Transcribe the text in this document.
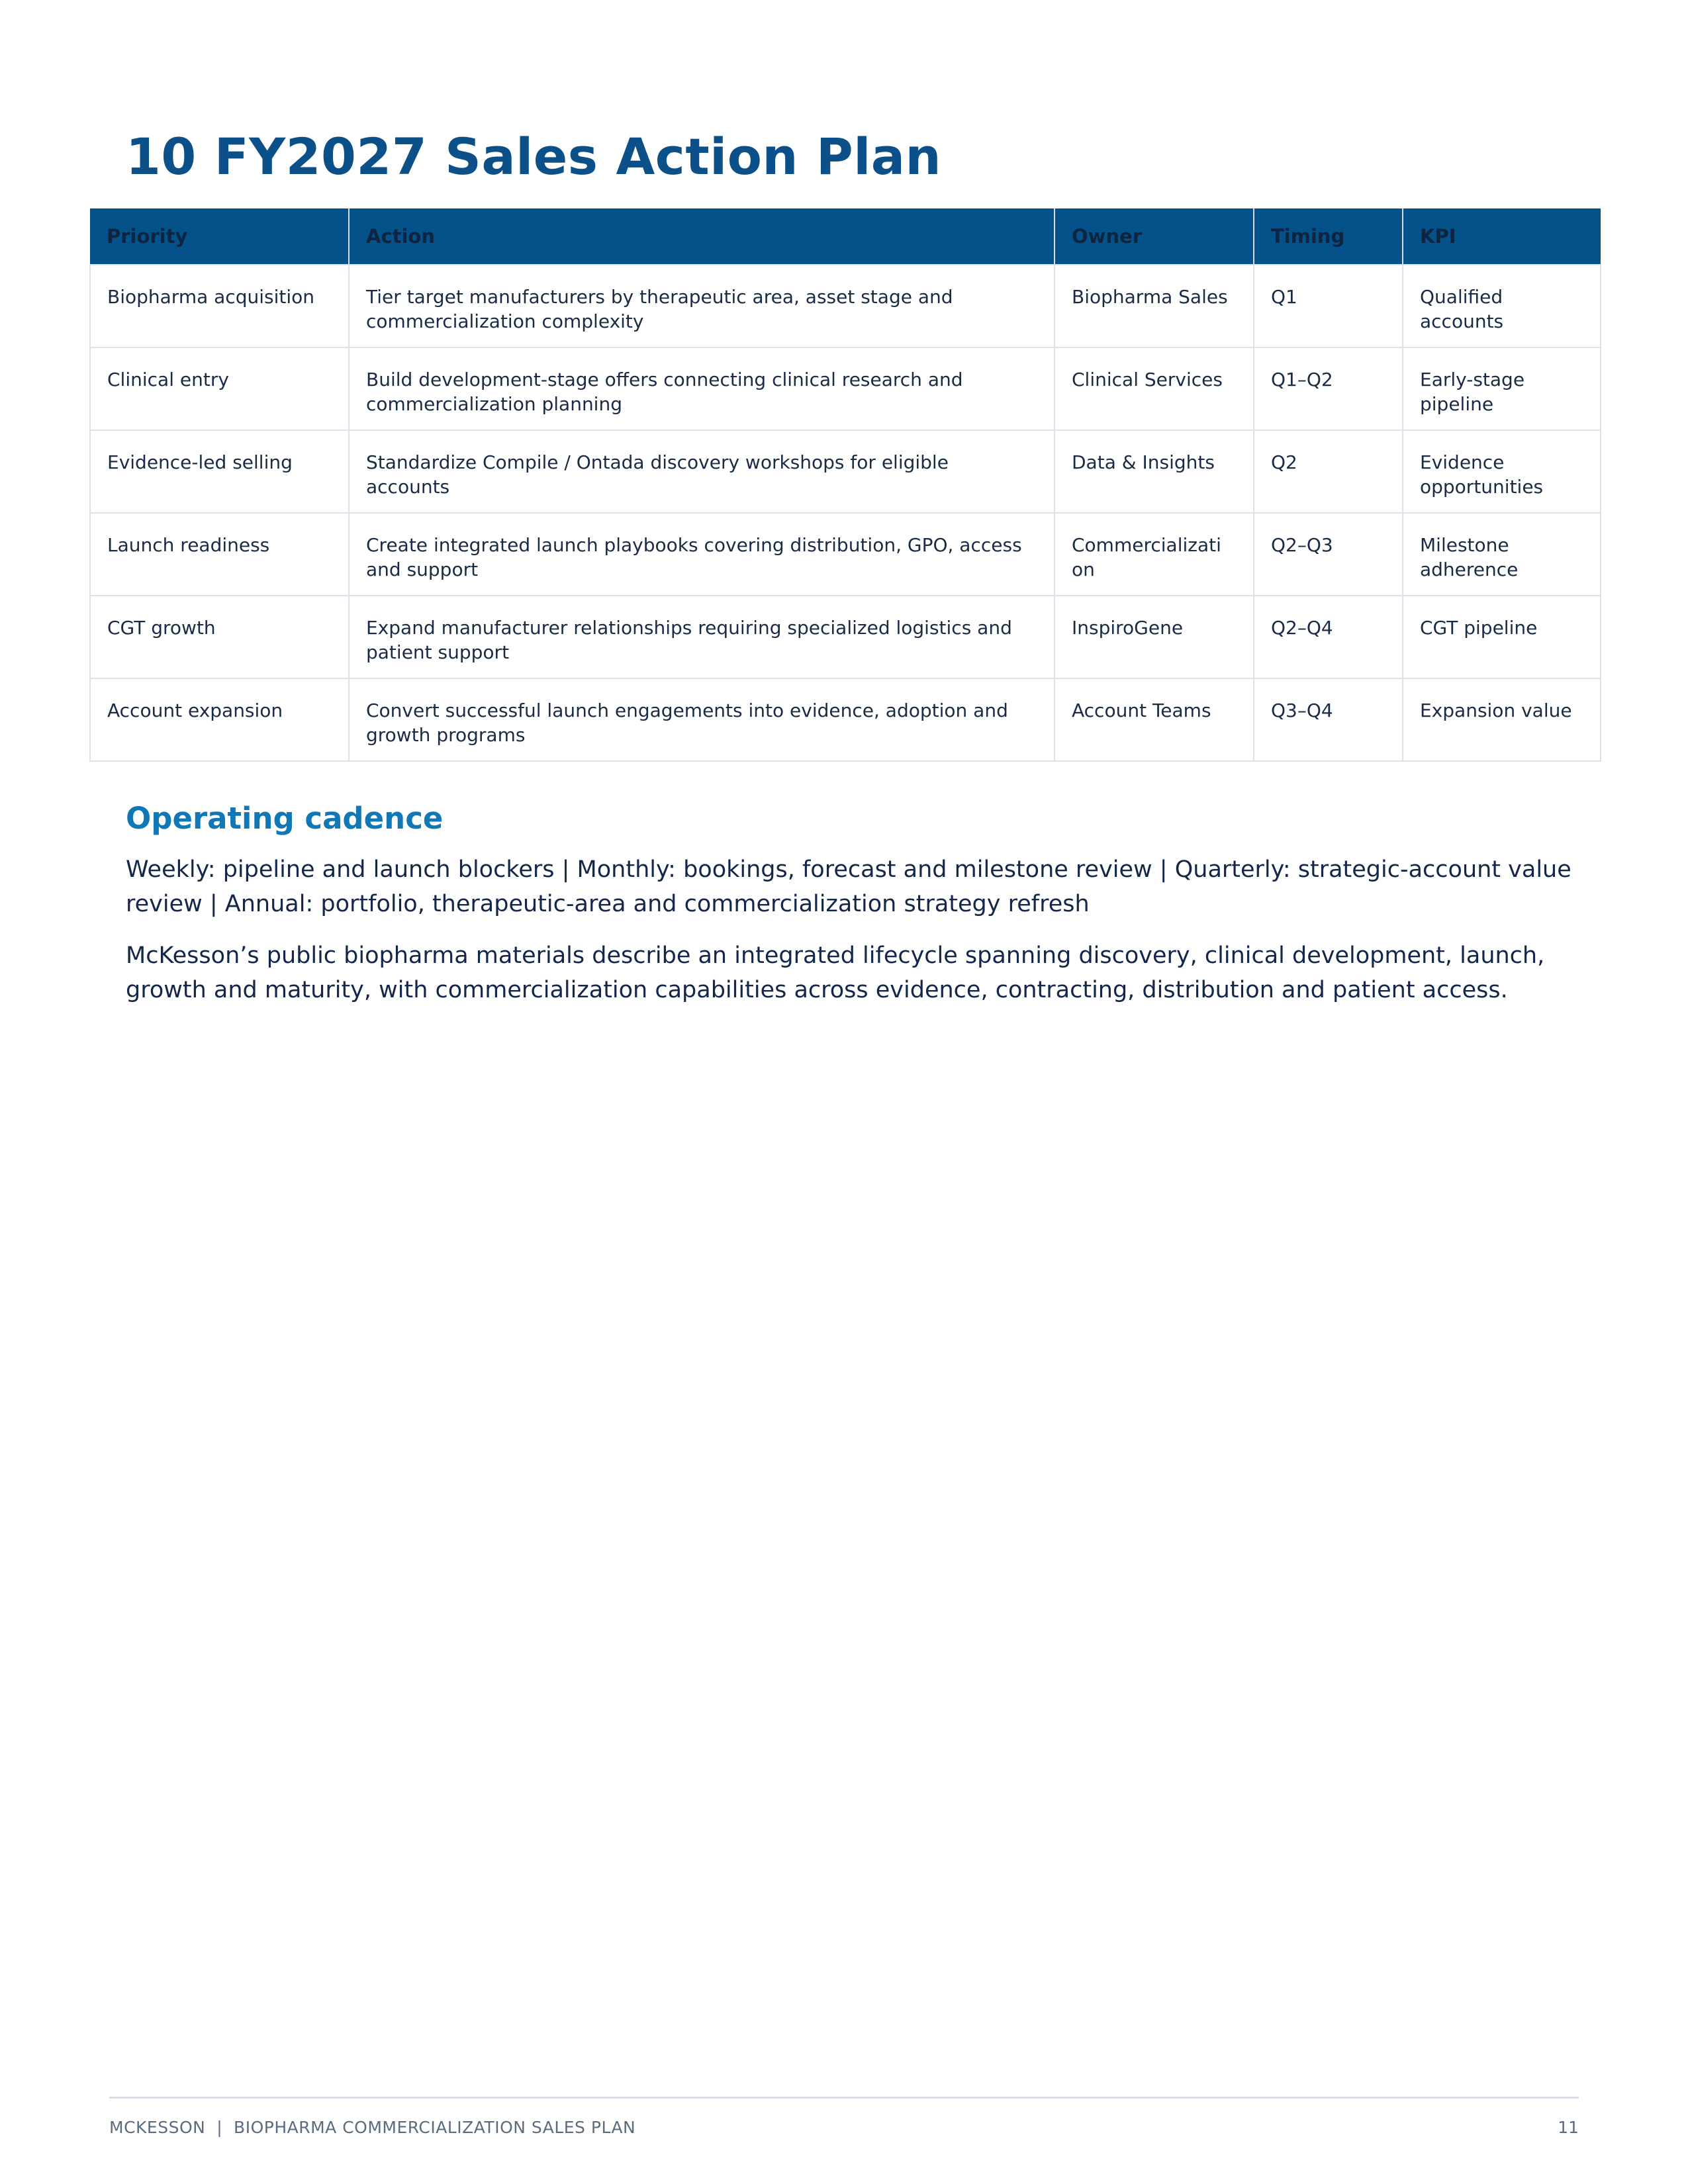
10 FY2027 Sales Action Plan
Priority	Action	Owner	Timing	KPI
Biopharma acquisition	Tier target manufacturers by therapeutic area, asset stage and commercialization complexity	Biopharma Sales	Q1	Qualified accounts
Clinical entry	Build development-stage offers connecting clinical research and commercialization planning	Clinical Services	Q1–Q2	Early-stage pipeline
Evidence-led selling	Standardize Compile / Ontada discovery workshops for eligible accounts	Data & Insights	Q2	Evidence opportunities
Launch readiness	Create integrated launch playbooks covering distribution, GPO, access and support	Commercializati on	Q2–Q3	Milestone adherence
CGT growth	Expand manufacturer relationships requiring specialized logistics and patient support	InspiroGene	Q2–Q4	CGT pipeline
Account expansion	Convert successful launch engagements into evidence, adoption and growth programs	Account Teams	Q3–Q4	Expansion value
Operating cadence

Weekly: pipeline and launch blockers | Monthly: bookings, forecast and milestone review | Quarterly: strategic-account value review | Annual: portfolio, therapeutic-area and commercialization strategy refresh

McKesson’s public biopharma materials describe an integrated lifecycle spanning discovery, clinical development, launch, growth and maturity, with commercialization capabilities across evidence, contracting, distribution and patient access.

MCKESSON  |  BIOPHARMA COMMERCIALIZATION SALES PLAN	11
